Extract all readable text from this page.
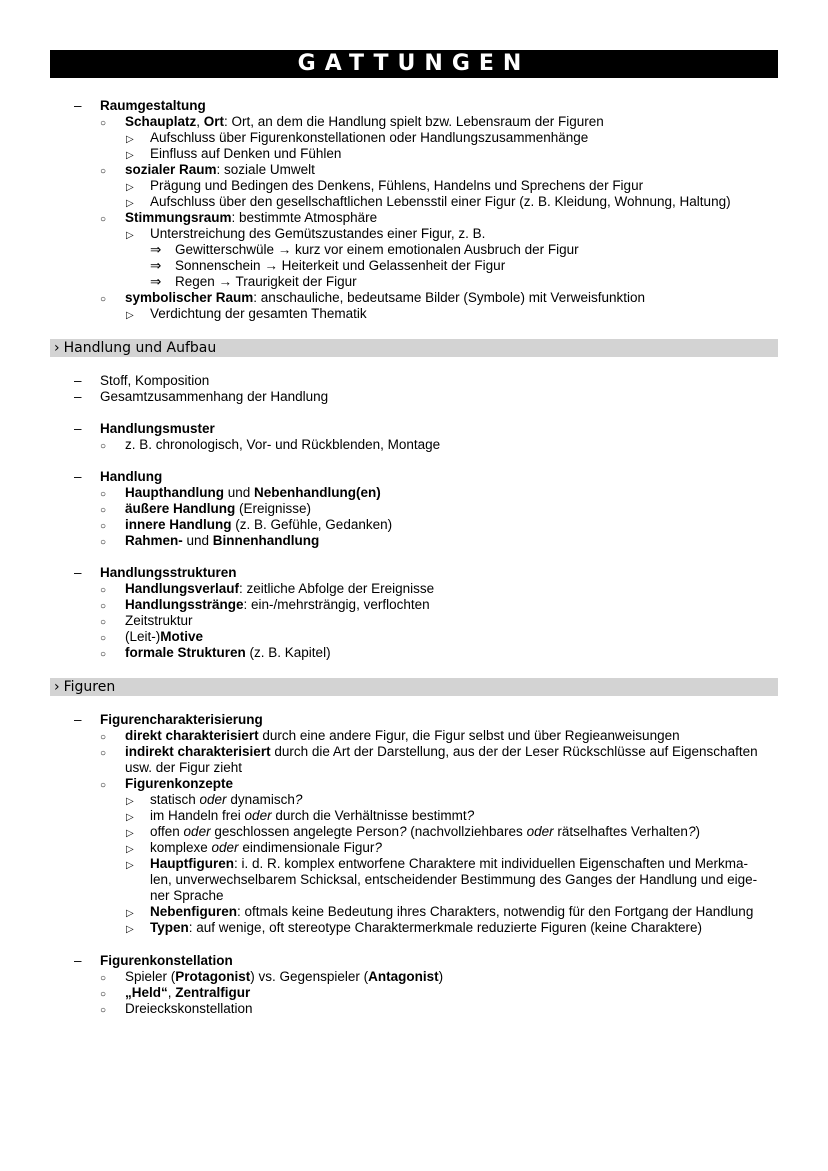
GATTUNGEN
– Raumgestaltung
○ Schauplatz, Ort: Ort, an dem die Handlung spielt bzw. Lebensraum der Figuren
▷ Aufschluss über Figurenkonstellationen oder Handlungszusammenhänge
▷ Einfluss auf Denken und Fühlen
○ sozialer Raum: soziale Umwelt
▷ Prägung und Bedingen des Denkens, Fühlens, Handelns und Sprechens der Figur
▷ Aufschluss über den gesellschaftlichen Lebensstil einer Figur (z. B. Kleidung, Wohnung, Haltung)
○ Stimmungsraum: bestimmte Atmosphäre
▷ Unterstreichung des Gemütszustandes einer Figur, z. B.
⇒ Gewitterschwüle → kurz vor einem emotionalen Ausbruch der Figur
⇒ Sonnenschein → Heiterkeit und Gelassenheit der Figur
⇒ Regen → Traurigkeit der Figur
○ symbolischer Raum: anschauliche, bedeutsame Bilder (Symbole) mit Verweisfunktion
▷ Verdichtung der gesamten Thematik
› Handlung und Aufbau
– Stoff, Komposition
– Gesamtzusammenhang der Handlung
– Handlungsmuster
○ z. B. chronologisch, Vor- und Rückblenden, Montage
– Handlung
○ Haupthandlung und Nebenhandlung(en)
○ äußere Handlung (Ereignisse)
○ innere Handlung (z. B. Gefühle, Gedanken)
○ Rahmen- und Binnenhandlung
– Handlungsstrukturen
○ Handlungsverlauf: zeitliche Abfolge der Ereignisse
○ Handlungsstränge: ein-/mehrsträngig, verflochten
○ Zeitstruktur
○ (Leit-)Motive
○ formale Strukturen (z. B. Kapitel)
› Figuren
– Figurencharakterisierung
○ direkt charakterisiert durch eine andere Figur, die Figur selbst und über Regieanweisungen
○ indirekt charakterisiert durch die Art der Darstellung, aus der der Leser Rückschlüsse auf Eigenschaften
usw. der Figur zieht
○ Figurenkonzepte
▷ statisch oder dynamisch?
▷ im Handeln frei oder durch die Verhältnisse bestimmt?
▷ offen oder geschlossen angelegte Person? (nachvollziehbares oder rätselhaftes Verhalten?)
▷ komplexe oder eindimensionale Figur?
▷ Hauptfiguren: i. d. R. komplex entworfene Charaktere mit individuellen Eigenschaften und Merkma-
len, unverwechselbarem Schicksal, entscheidender Bestimmung des Ganges der Handlung und eige-
ner Sprache
▷ Nebenfiguren: oftmals keine Bedeutung ihres Charakters, notwendig für den Fortgang der Handlung
▷ Typen: auf wenige, oft stereotype Charaktermerkmale reduzierte Figuren (keine Charaktere)
– Figurenkonstellation
○ Spieler (Protagonist) vs. Gegenspieler (Antagonist)
○ „Held“, Zentralfigur
○ Dreieckskonstellation
